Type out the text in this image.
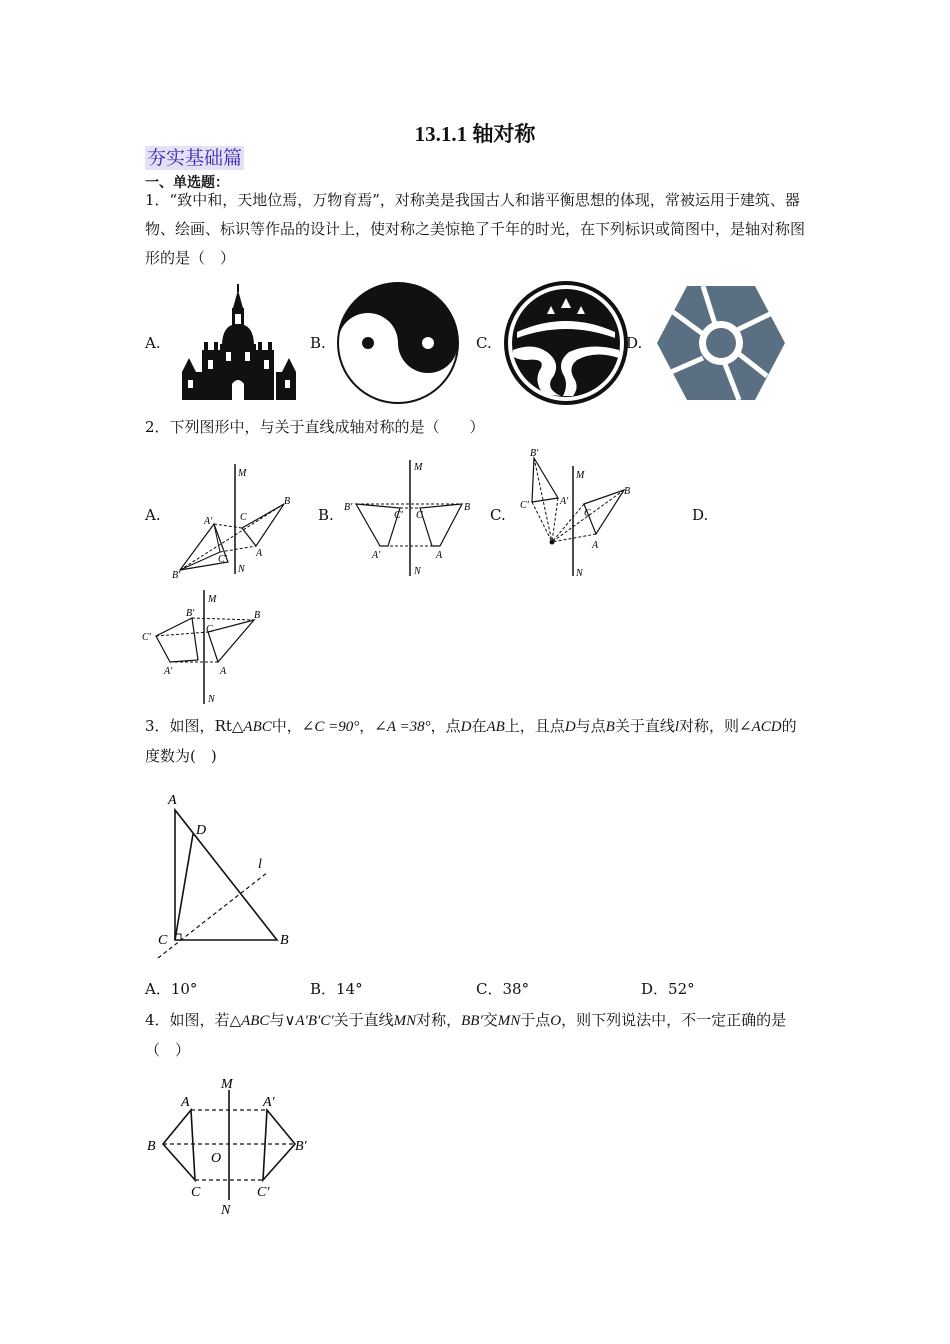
13.1.1 轴对称
夯实基础篇
一、单选题：
1．“致中和，天地位焉，万物育焉”，对称美是我国古人和谐平衡思想的体现，常被运用于建筑、器物、绘画、标识等作品的设计上，使对称之美惊艳了千年的时光，在下列标识或简图中，是轴对称图形的是（　）
A.	B.	C.	D.
2．下列图形中，与关于直线成轴对称的是（　　）
A.	B.	C.	D.
M
N
A′
B′
C′
C
B
A
M
N
B′
C′
A′
C
B
A
M
N
B′
C′	A′
C
B
A
M
N
B′
C′
A′
C
B
A
3．如图，Rt△ABC中，∠C =90°，∠A =38°，点D在AB上，且点D与点B关于直线l对称，则∠ACD的度数为(　)
A
D
l
C	B
A．10°	B．14°	C．38°	D．52°
4．如图，若△ABC与∨A′B′C′关于直线MN对称，BB′交MN于点O，则下列说法中，不一定正确的是（　）
M
N
A	A′
B	B′
O
C	C′
